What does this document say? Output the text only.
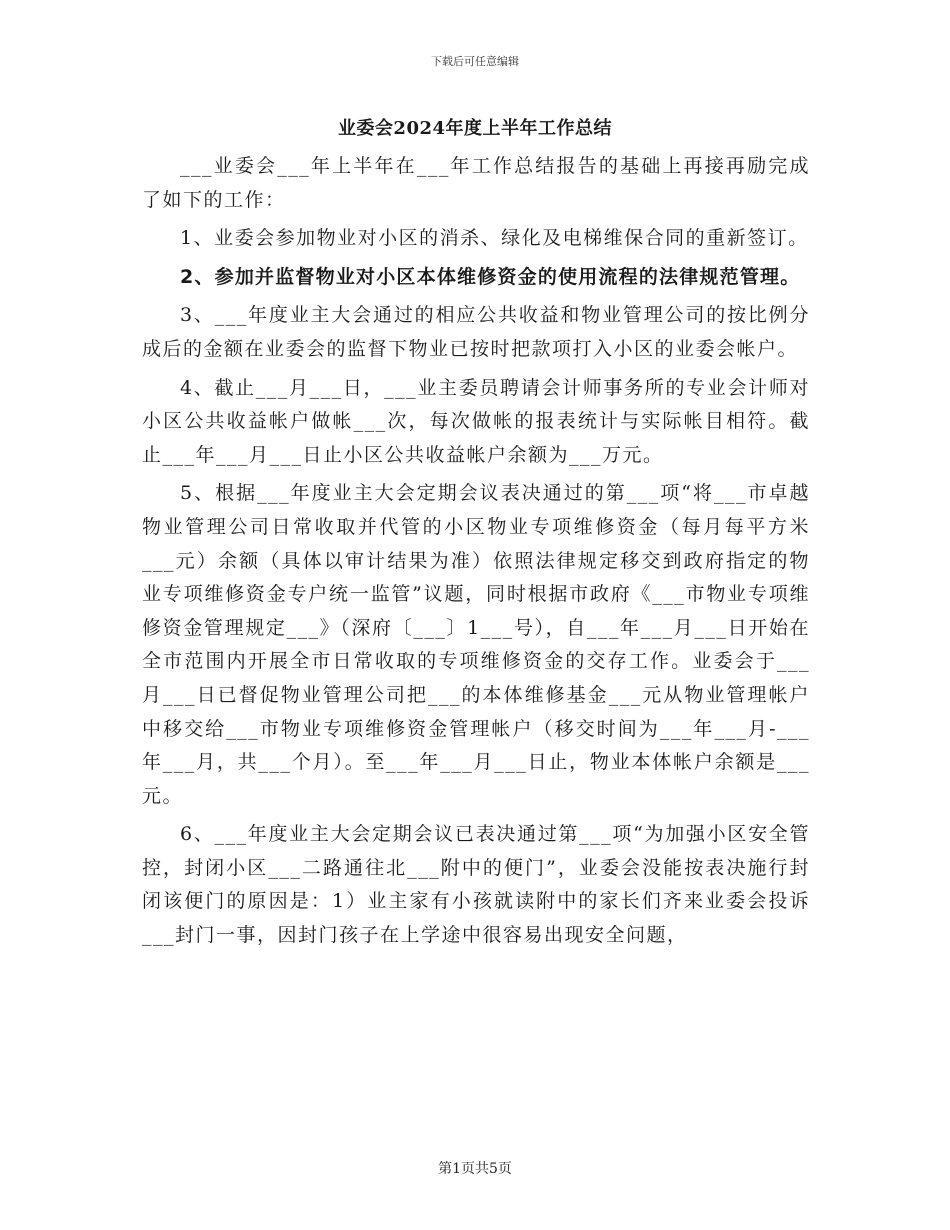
下载后可任意编辑
业委会2024年度上半年工作总结

___业委会___年上半年在___年工作总结报告的基础上再接再励完成了如下的工作：

1、业委会参加物业对小区的消杀、绿化及电梯维保合同的重新签订。

2、参加并监督物业对小区本体维修资金的使用流程的法律规范管理。

3、___年度业主大会通过的相应公共收益和物业管理公司的按比例分成后的金额在业委会的监督下物业已按时把款项打入小区的业委会帐户。

4、截止___月___日，___业主委员聘请会计师事务所的专业会计师对小区公共收益帐户做帐___次，每次做帐的报表统计与实际帐目相符。截止___年___月___日止小区公共收益帐户余额为___万元。

5、根据___年度业主大会定期会议表决通过的第___项“将___市卓越物业管理公司日常收取并代管的小区物业专项维修资金（每月每平方米___元）余额（具体以审计结果为准）依照法律规定移交到政府指定的物业专项维修资金专户统一监管”议题，同时根据市政府《___市物业专项维修资金管理规定___》（深府〔___〕1___号），自___年___月___日开始在全市范围内开展全市日常收取的专项维修资金的交存工作。业委会于___月___日已督促物业管理公司把___的本体维修基金___元从物业管理帐户中移交给___市物业专项维修资金管理帐户（移交时间为___年___月-___年___月，共___个月）。至___年___月___日止，物业本体帐户余额是___元。

6、___年度业主大会定期会议已表决通过第___项“为加强小区安全管控，封闭小区___二路通往北___附中的便门”，业委会没能按表决施行封闭该便门的原因是：1）业主家有小孩就读附中的家长们齐来业委会投诉___封门一事，因封门孩子在上学途中很容易出现安全问题，

第1页共5页
